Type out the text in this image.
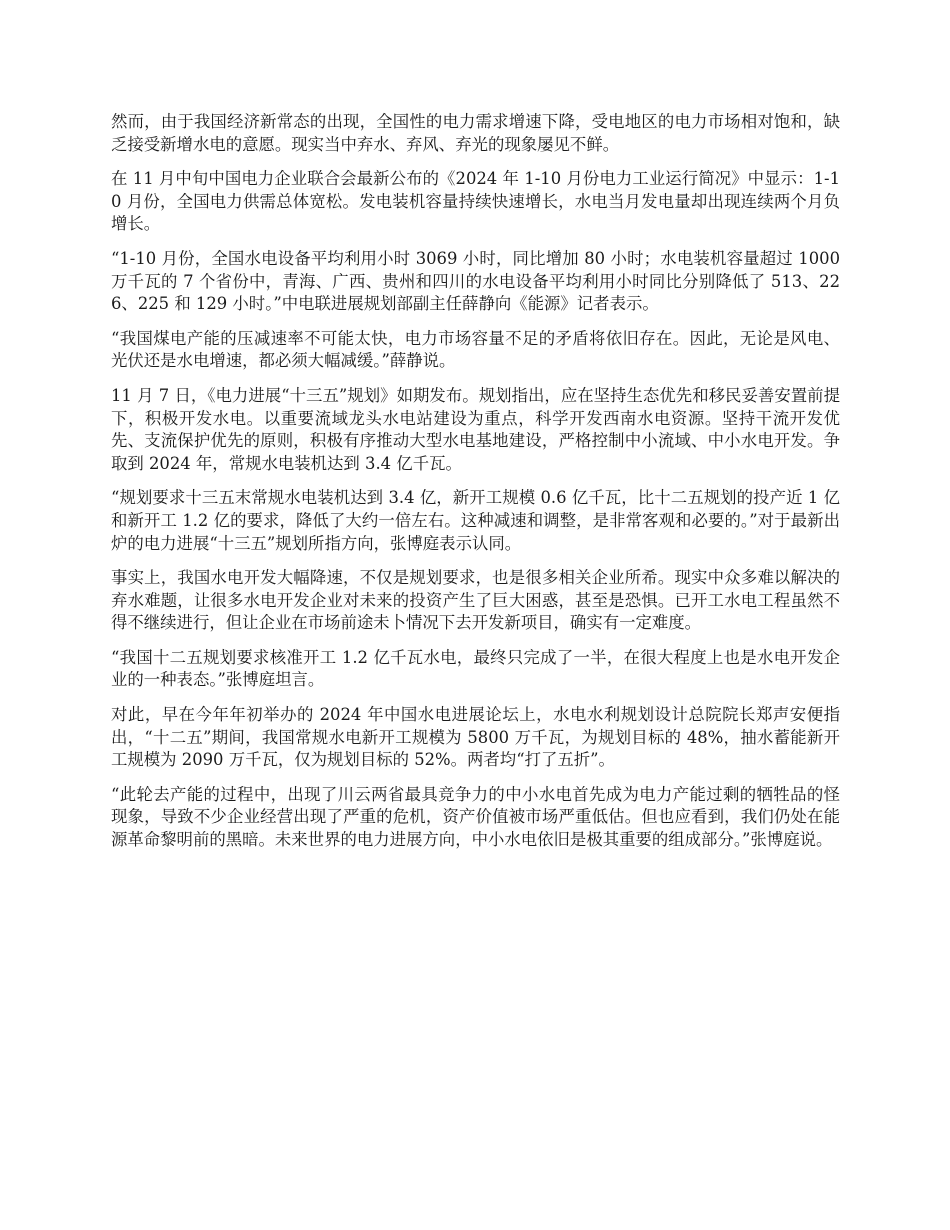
然而，由于我国经济新常态的出现，全国性的电力需求增速下降，受电地区的电力市场相对饱和，缺乏接受新增水电的意愿。现实当中弃水、弃风、弃光的现象屡见不鲜。

在 11 月中旬中国电力企业联合会最新公布的《2024 年 1-10 月份电力工业运行简况》中显示：1-10 月份，全国电力供需总体宽松。发电装机容量持续快速增长，水电当月发电量却出现连续两个月负增长。

“1-10 月份，全国水电设备平均利用小时 3069 小时，同比增加 80 小时；水电装机容量超过 1000 万千瓦的 7 个省份中，青海、广西、贵州和四川的水电设备平均利用小时同比分别降低了 513、226、225 和 129 小时。”中电联进展规划部副主任薛静向《能源》记者表示。

“我国煤电产能的压减速率不可能太快，电力市场容量不足的矛盾将依旧存在。因此，无论是风电、光伏还是水电增速，都必须大幅减缓。”薛静说。

11 月 7 日，《电力进展“十三五”规划》如期发布。规划指出，应在坚持生态优先和移民妥善安置前提下，积极开发水电。以重要流域龙头水电站建设为重点，科学开发西南水电资源。坚持干流开发优先、支流保护优先的原则，积极有序推动大型水电基地建设，严格控制中小流域、中小水电开发。争取到 2024 年，常规水电装机达到 3.4 亿千瓦。

“规划要求十三五末常规水电装机达到 3.4 亿，新开工规模 0.6 亿千瓦，比十二五规划的投产近 1 亿和新开工 1.2 亿的要求，降低了大约一倍左右。这种减速和调整，是非常客观和必要的。”对于最新出炉的电力进展“十三五”规划所指方向，张博庭表示认同。

事实上，我国水电开发大幅降速，不仅是规划要求，也是很多相关企业所希。现实中众多难以解决的弃水难题，让很多水电开发企业对未来的投资产生了巨大困惑，甚至是恐惧。已开工水电工程虽然不得不继续进行，但让企业在市场前途未卜情况下去开发新项目，确实有一定难度。

“我国十二五规划要求核准开工 1.2 亿千瓦水电，最终只完成了一半，在很大程度上也是水电开发企业的一种表态。”张博庭坦言。

对此，早在今年年初举办的 2024 年中国水电进展论坛上，水电水利规划设计总院院长郑声安便指出，“十二五”期间，我国常规水电新开工规模为 5800 万千瓦，为规划目标的 48%，抽水蓄能新开工规模为 2090 万千瓦，仅为规划目标的 52%。两者均“打了五折”。

“此轮去产能的过程中，出现了川云两省最具竞争力的中小水电首先成为电力产能过剩的牺牲品的怪现象，导致不少企业经营出现了严重的危机，资产价值被市场严重低估。但也应看到，我们仍处在能源革命黎明前的黑暗。未来世界的电力进展方向，中小水电依旧是极其重要的组成部分。”张博庭说。
